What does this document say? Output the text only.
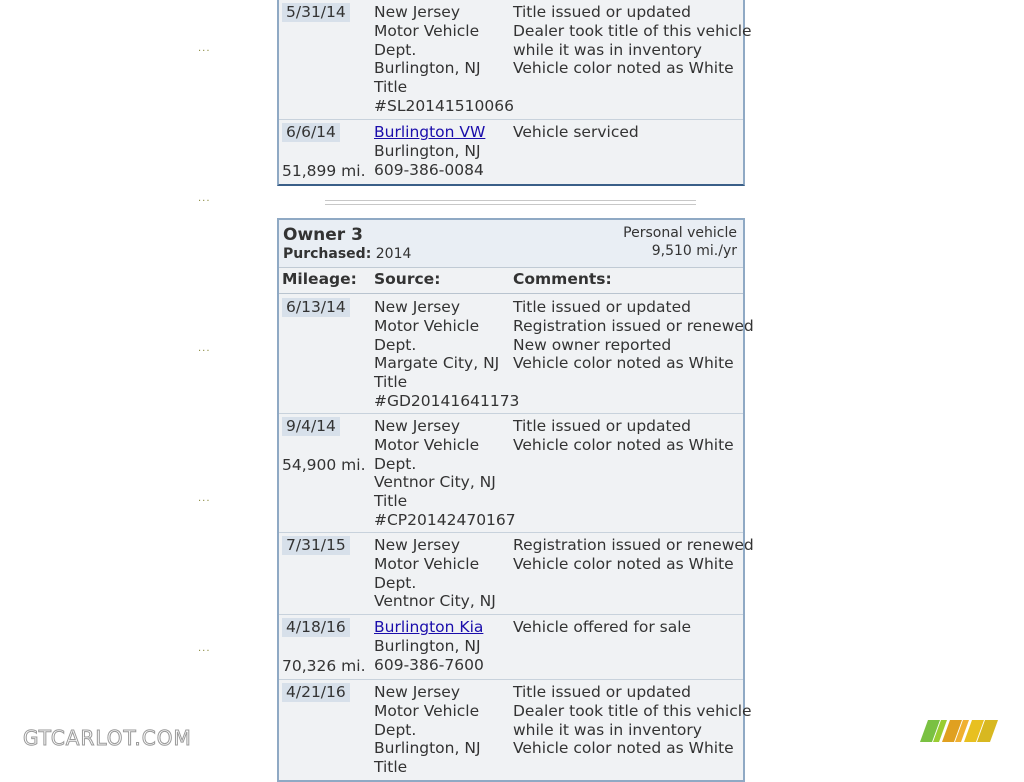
...
...
...
...
...
5/31/14 New Jersey
Motor Vehicle
Dept.
Burlington, NJ
Title
#SL20141510066
Title issued or updated
Dealer took title of this vehicle
while it was in inventory
Vehicle color noted as White
6/6/14
51,899 mi.
Burlington VW
Burlington, NJ
609-386-0084
Vehicle serviced
Owner 3
Purchased: 2014
Personal vehicle
9,510 mi./yr
Mileage: Source:	Comments:
6/13/14 New Jersey
Motor Vehicle
Dept.
Margate City, NJ
Title
#GD20141641173
Title issued or updated
Registration issued or renewed
New owner reported
Vehicle color noted as White
9/4/14
54,900 mi.
New Jersey
Motor Vehicle
Dept.
Ventnor City, NJ
Title
#CP20142470167
Title issued or updated
Vehicle color noted as White
7/31/15 New Jersey
Motor Vehicle
Dept.
Ventnor City, NJ
Registration issued or renewed
Vehicle color noted as White
4/18/16
70,326 mi.
Burlington Kia
Burlington, NJ
609-386-7600
Vehicle offered for sale
4/21/16 New Jersey
Motor Vehicle
Dept.
Burlington, NJ
Title
Title issued or updated
Dealer took title of this vehicle
while it was in inventory
Vehicle color noted as White
GTCARLOT.COM
